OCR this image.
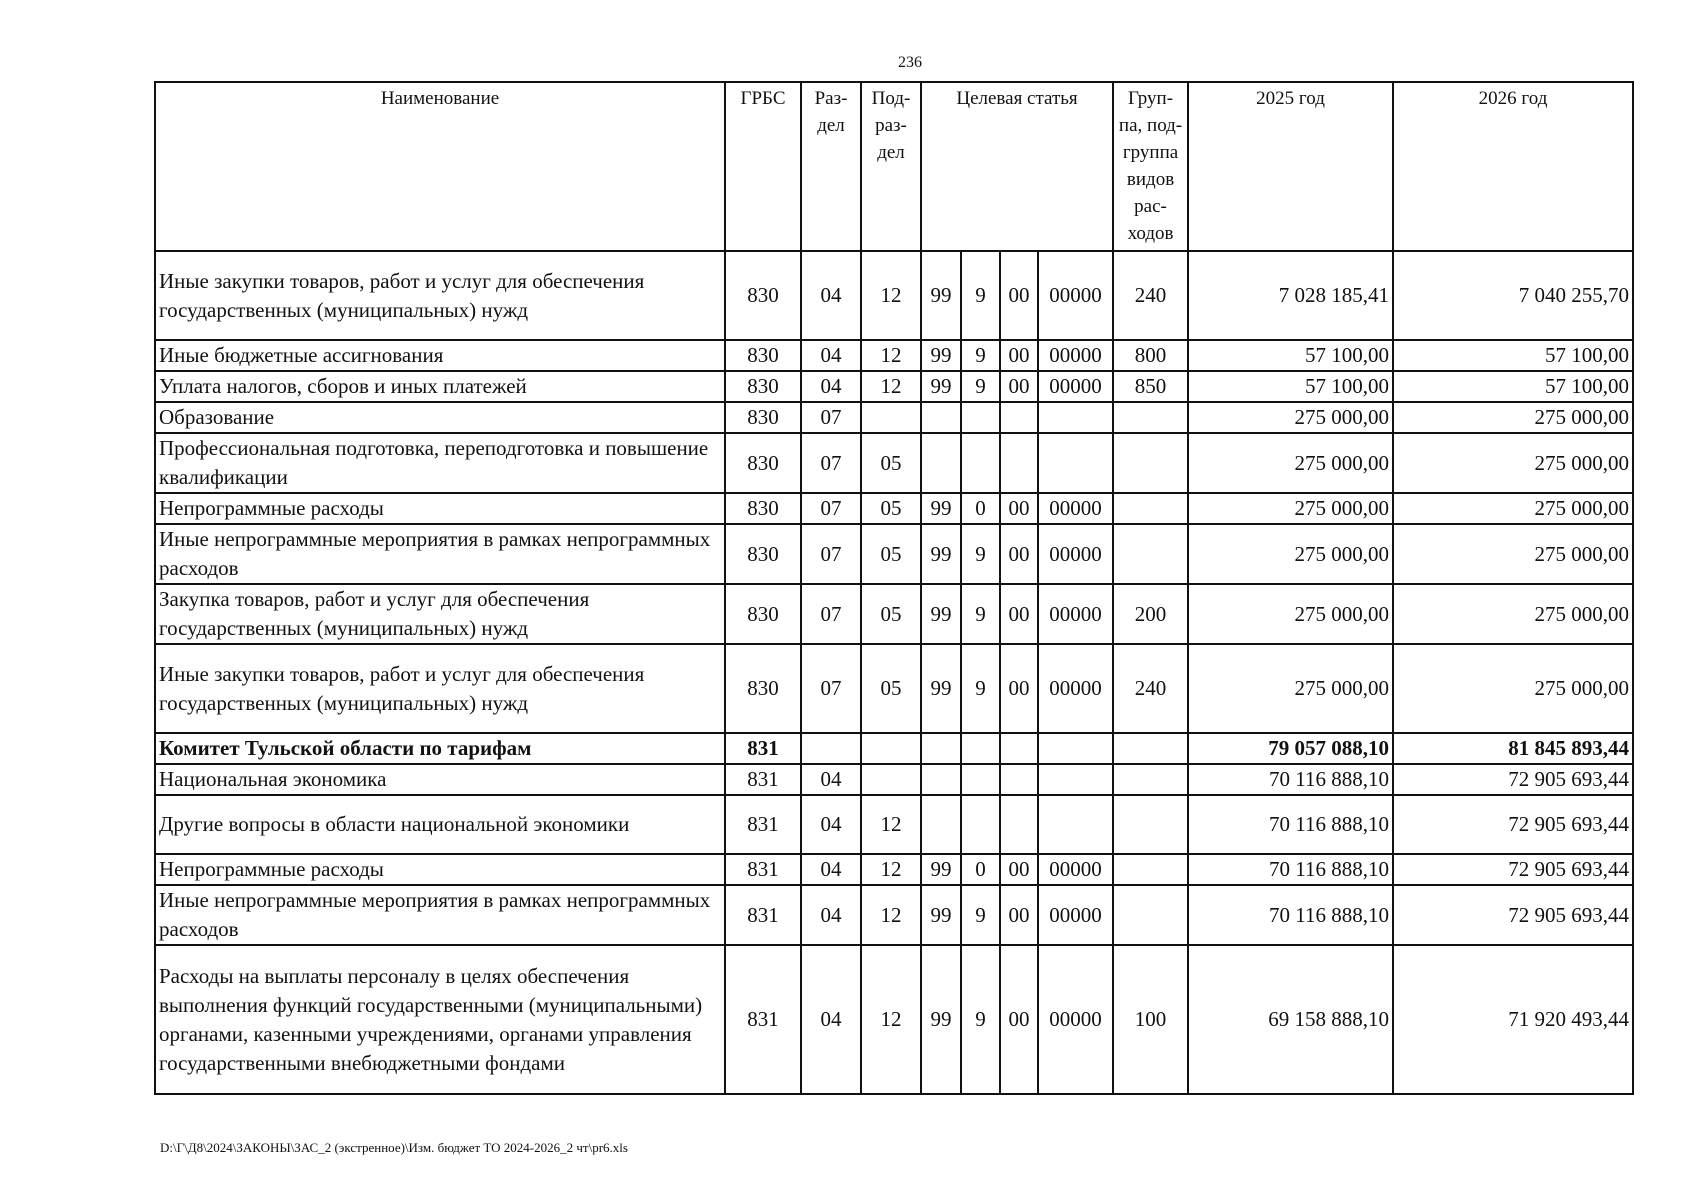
236
Наименование	ГРБС	Раз-дел	Под-раз-дел	Целевая статья				Груп-па, под-группа видов рас-ходов	2025 год	2026 год
Иные закупки товаров, работ и услуг для обеспечения государственных (муниципальных) нужд	830	04	12	99	9	00	00000	240	7 028 185,41	7 040 255,70
Иные бюджетные ассигнования	830	04	12	99	9	00	00000	800	57 100,00	57 100,00
Уплата налогов, сборов и иных платежей	830	04	12	99	9	00	00000	850	57 100,00	57 100,00
Образование	830	07							275 000,00	275 000,00
Профессиональная подготовка, переподготовка и повышение квалификации	830	07	05						275 000,00	275 000,00
Непрограммные расходы	830	07	05	99	0	00	00000		275 000,00	275 000,00
Иные непрограммные мероприятия в рамках непрограммных расходов	830	07	05	99	9	00	00000		275 000,00	275 000,00
Закупка товаров, работ и услуг для обеспечения государственных (муниципальных) нужд	830	07	05	99	9	00	00000	200	275 000,00	275 000,00
Иные закупки товаров, работ и услуг для обеспечения государственных (муниципальных) нужд	830	07	05	99	9	00	00000	240	275 000,00	275 000,00
Комитет Тульской области по тарифам	831								79 057 088,10	81 845 893,44
Национальная экономика	831	04							70 116 888,10	72 905 693,44
Другие вопросы в области национальной экономики	831	04	12						70 116 888,10	72 905 693,44
Непрограммные расходы	831	04	12	99	0	00	00000		70 116 888,10	72 905 693,44
Иные непрограммные мероприятия в рамках непрограммных расходов	831	04	12	99	9	00	00000		70 116 888,10	72 905 693,44
Расходы на выплаты персоналу в целях обеспечения выполнения функций государственными (муниципальными) органами, казенными учреждениями, органами управления государственными внебюджетными фондами	831	04	12	99	9	00	00000	100	69 158 888,10	71 920 493,44
D:\Г\Д8\2024\ЗАКОНЫ\ЗАС_2 (экстренное)\Изм. бюджет ТО 2024-2026_2 чт\pr6.xls
